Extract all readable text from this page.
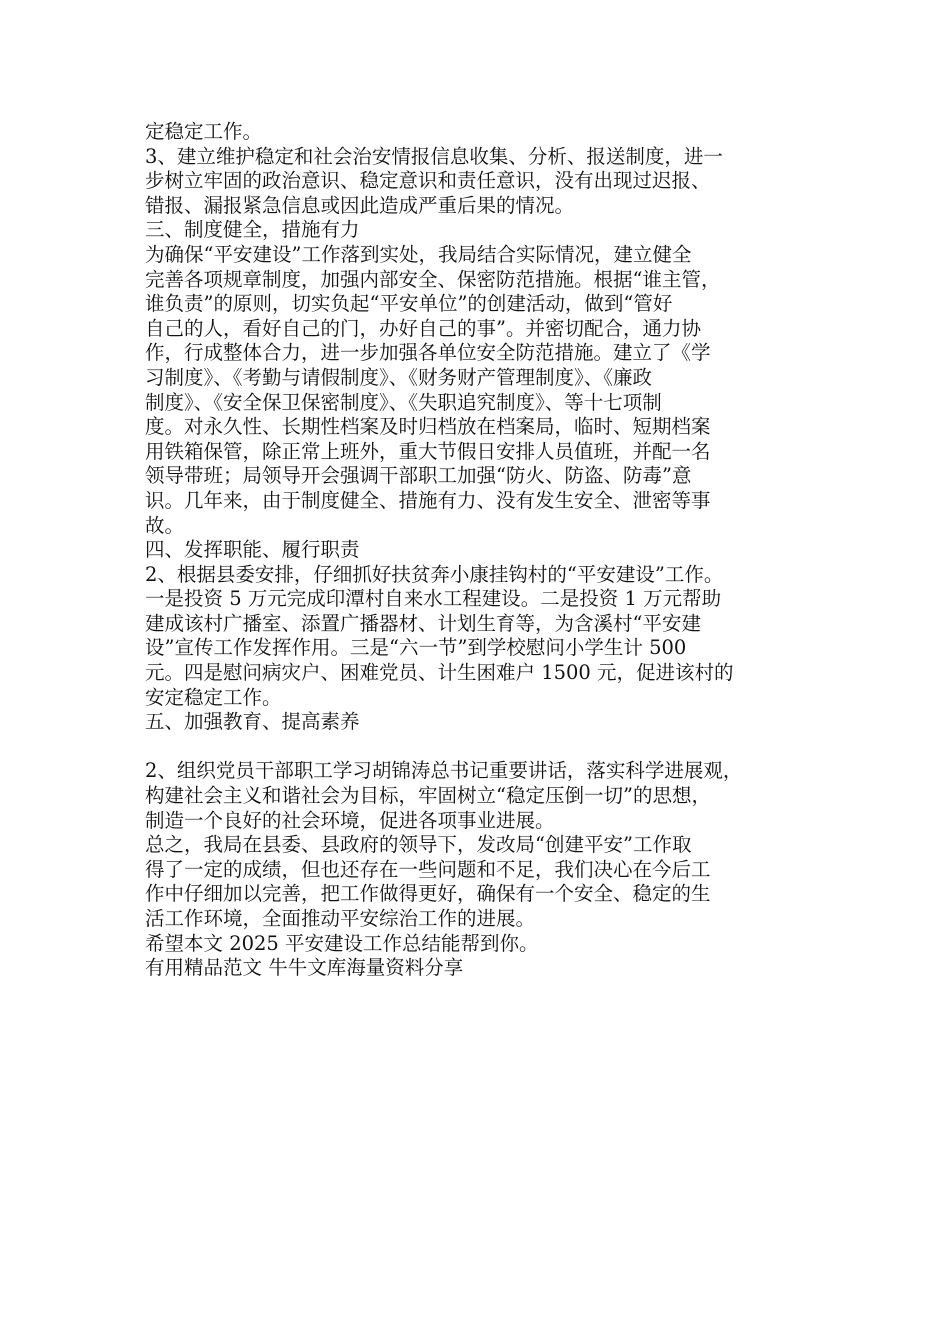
定稳定工作。
3、建立维护稳定和社会治安情报信息收集、分析、报送制度，进一
步树立牢固的政治意识、稳定意识和责任意识，没有出现过迟报、
错报、漏报紧急信息或因此造成严重后果的情况。
三、制度健全，措施有力
为确保“平安建设”工作落到实处，我局结合实际情况，建立健全
完善各项规章制度，加强内部安全、保密防范措施。根据“谁主管，
谁负责”的原则，切实负起“平安单位”的创建活动，做到“管好
自己的人，看好自己的门，办好自己的事”。并密切配合，通力协
作，行成整体合力，进一步加强各单位安全防范措施。建立了《学
习制度》、《考勤与请假制度》、《财务财产管理制度》、《廉政
制度》、《安全保卫保密制度》、《失职追究制度》、等十七项制
度。对永久性、长期性档案及时归档放在档案局，临时、短期档案
用铁箱保管，除正常上班外，重大节假日安排人员值班，并配一名
领导带班；局领导开会强调干部职工加强“防火、防盗、防毒”意
识。几年来，由于制度健全、措施有力、没有发生安全、泄密等事
故。
四、发挥职能、履行职责
2、根据县委安排，仔细抓好扶贫奔小康挂钩村的“平安建设”工作。
一是投资 5 万元完成印潭村自来水工程建设。二是投资 1 万元帮助
建成该村广播室、添置广播器材、计划生育等，为含溪村“平安建
设”宣传工作发挥作用。三是“六一节”到学校慰问小学生计 500
元。四是慰问病灾户、困难党员、计生困难户 1500 元，促进该村的
安定稳定工作。
五、加强教育、提高素养
2、组织党员干部职工学习胡锦涛总书记重要讲话，落实科学进展观，
构建社会主义和谐社会为目标，牢固树立“稳定压倒一切”的思想，
制造一个良好的社会环境，促进各项事业进展。
总之，我局在县委、县政府的领导下，发改局“创建平安”工作取
得了一定的成绩，但也还存在一些问题和不足，我们决心在今后工
作中仔细加以完善，把工作做得更好，确保有一个安全、稳定的生
活工作环境，全面推动平安综治工作的进展。
希望本文 2025 平安建设工作总结能帮到你。
有用精品范文 牛牛文库海量资料分享
